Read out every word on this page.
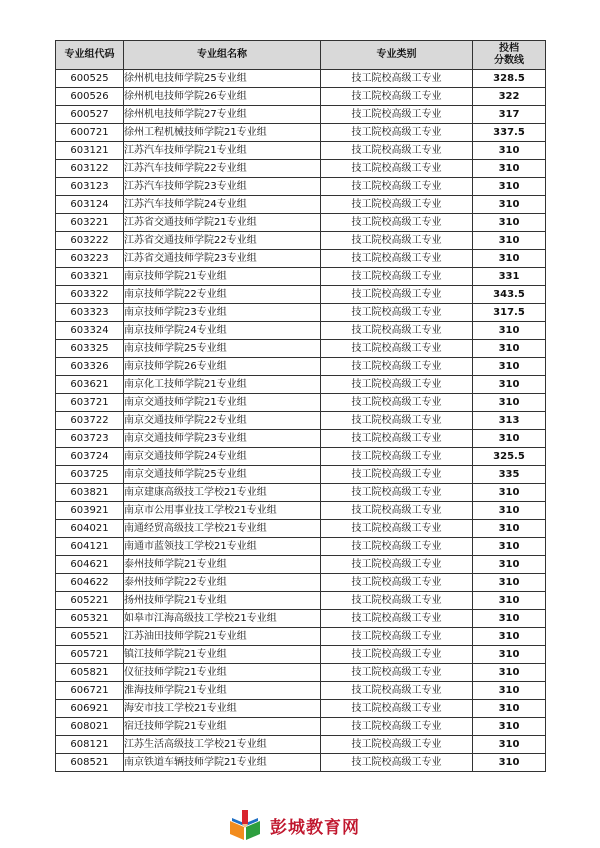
专业组代码	专业组名称	专业类别	投档
分数线

600525	徐州机电技师学院25专业组	技工院校高级工专业	328.5
600526	徐州机电技师学院26专业组	技工院校高级工专业	322
600527	徐州机电技师学院27专业组	技工院校高级工专业	317
600721	徐州工程机械技师学院21专业组	技工院校高级工专业	337.5
603121	江苏汽车技师学院21专业组	技工院校高级工专业	310
603122	江苏汽车技师学院22专业组	技工院校高级工专业	310
603123	江苏汽车技师学院23专业组	技工院校高级工专业	310
603124	江苏汽车技师学院24专业组	技工院校高级工专业	310
603221	江苏省交通技师学院21专业组	技工院校高级工专业	310
603222	江苏省交通技师学院22专业组	技工院校高级工专业	310
603223	江苏省交通技师学院23专业组	技工院校高级工专业	310
603321	南京技师学院21专业组	技工院校高级工专业	331
603322	南京技师学院22专业组	技工院校高级工专业	343.5
603323	南京技师学院23专业组	技工院校高级工专业	317.5
603324	南京技师学院24专业组	技工院校高级工专业	310
603325	南京技师学院25专业组	技工院校高级工专业	310
603326	南京技师学院26专业组	技工院校高级工专业	310
603621	南京化工技师学院21专业组	技工院校高级工专业	310
603721	南京交通技师学院21专业组	技工院校高级工专业	310
603722	南京交通技师学院22专业组	技工院校高级工专业	313
603723	南京交通技师学院23专业组	技工院校高级工专业	310
603724	南京交通技师学院24专业组	技工院校高级工专业	325.5
603725	南京交通技师学院25专业组	技工院校高级工专业	335
603821	南京建康高级技工学校21专业组	技工院校高级工专业	310
603921	南京市公用事业技工学校21专业组	技工院校高级工专业	310
604021	南通经贸高级技工学校21专业组	技工院校高级工专业	310
604121	南通市蓝领技工学校21专业组	技工院校高级工专业	310
604621	泰州技师学院21专业组	技工院校高级工专业	310
604622	泰州技师学院22专业组	技工院校高级工专业	310
605221	扬州技师学院21专业组	技工院校高级工专业	310
605321	如皋市江海高级技工学校21专业组	技工院校高级工专业	310
605521	江苏油田技师学院21专业组	技工院校高级工专业	310
605721	镇江技师学院21专业组	技工院校高级工专业	310
605821	仪征技师学院21专业组	技工院校高级工专业	310
606721	淮海技师学院21专业组	技工院校高级工专业	310
606921	海安市技工学校21专业组	技工院校高级工专业	310
608021	宿迁技师学院21专业组	技工院校高级工专业	310
608121	江苏生活高级技工学校21专业组	技工院校高级工专业	310
608521	南京铁道车辆技师学院21专业组	技工院校高级工专业	310
彭城教育网
